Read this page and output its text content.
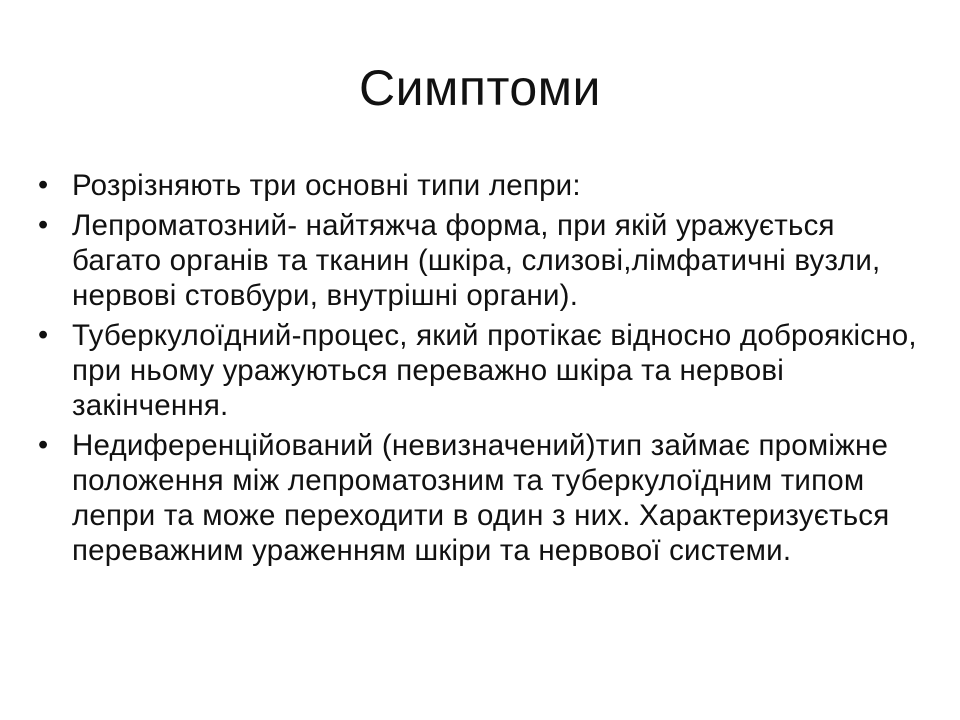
Симптоми
• Розрізняють три основні типи лепри:
• Лепроматозний- найтяжча форма, при якій уражується багато органів та тканин (шкіра, слизові,лімфатичні вузли, нервові стовбури, внутрішні органи).
• Туберкулоїдний-процес, який протікає відносно доброякісно, при ньому уражуються переважно шкіра та нервові закінчення.
• Недиференційований (невизначений)тип займає проміжне положення між лепроматозним та туберкулоїдним типом лепри та може переходити в один з них. Характеризується переважним ураженням шкіри та нервової системи.
